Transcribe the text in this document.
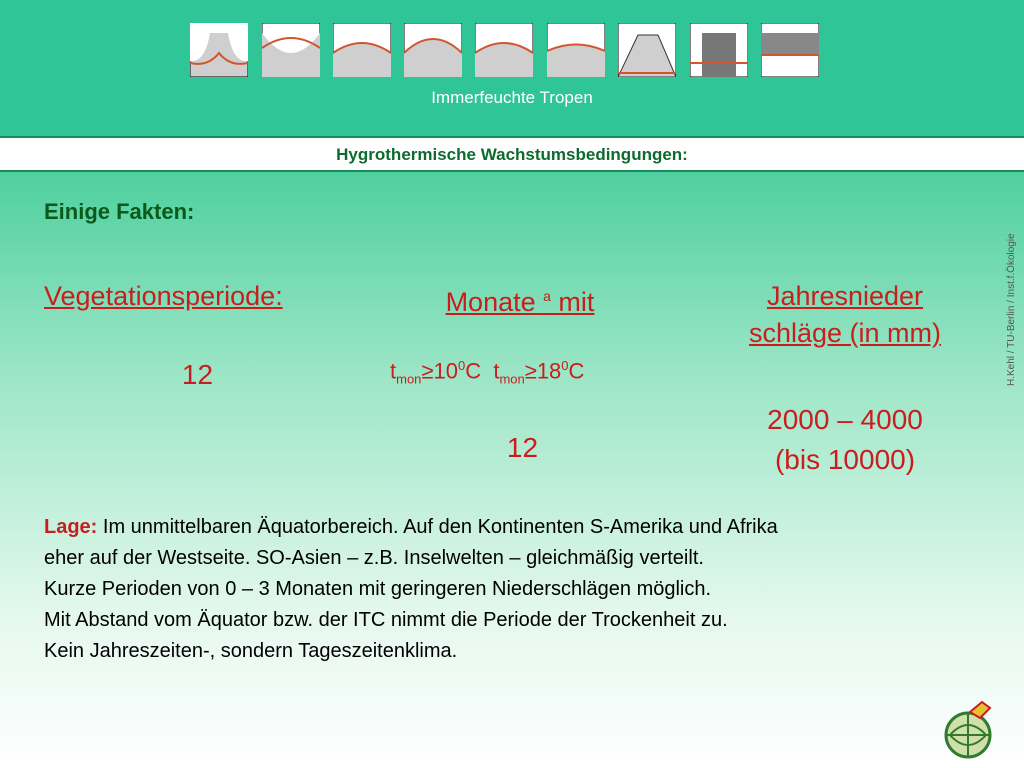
Immerfeuchte Tropen
Hygrothermische Wachstumsbedingungen:
Einige Fakten:
Vegetationsperiode:
12
Monate $^a$ mit
$t_{mon}\ge 10^0C$ $t_{mon}\ge 18^0C$
12
Jahresnieder
schläge (in mm)
2000 – 4000
(bis 10000)
Lage: Im unmittelbaren Äquatorbereich. Auf den Kontinenten S-Amerika und Afrika
eher auf der Westseite. SO-Asien – z.B. Inselwelten – gleichmäßig verteilt.
Kurze Perioden von 0 – 3 Monaten mit geringeren Niederschlägen möglich.
Mit Abstand vom Äquator bzw. der ITC nimmt die Periode der Trockenheit zu.
Kein Jahreszeiten-, sondern Tageszeitenklima.
H.Kehl / TU-Berlin / Inst.f.Ökologie
